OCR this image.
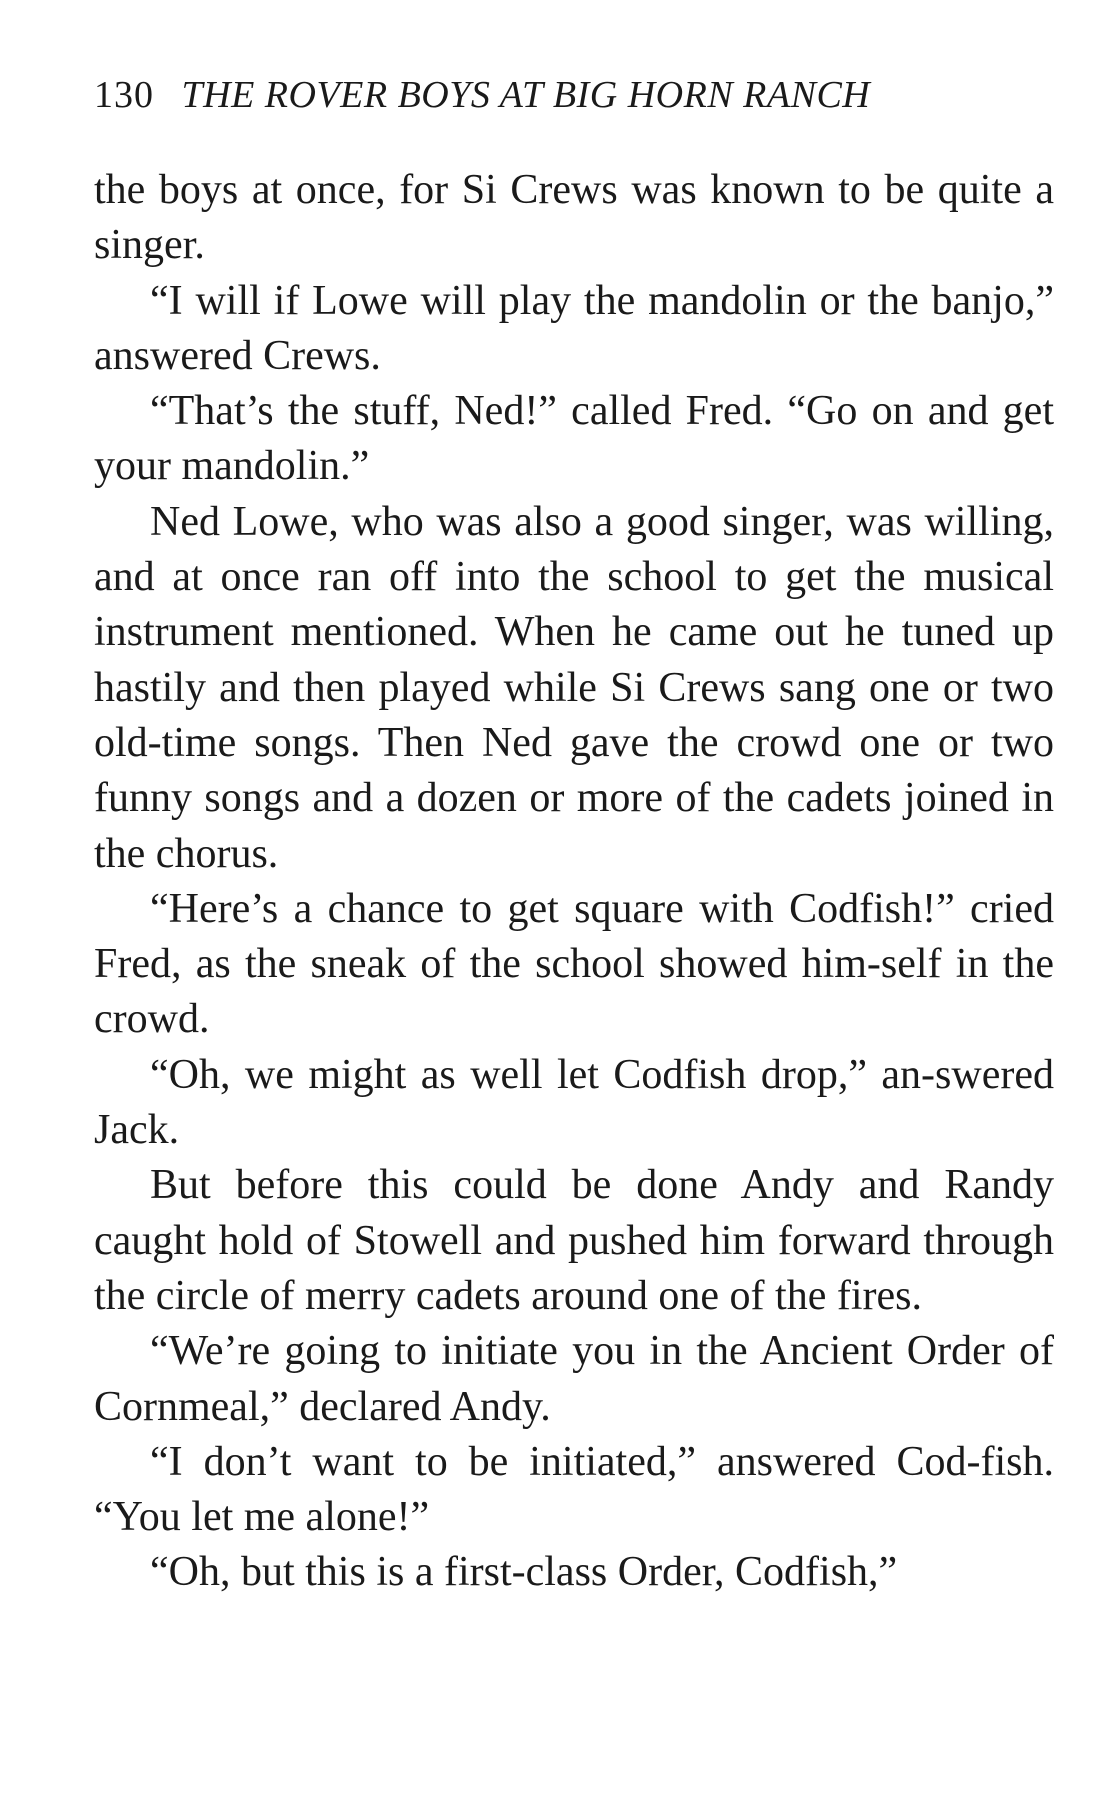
130 THE ROVER BOYS AT BIG HORN RANCH

the boys at once, for Si Crews was known to be quite a singer.

“I will if Lowe will play the mandolin or the banjo,” answered Crews.

“That’s the stuff, Ned!” called Fred. “Go on and get your mandolin.”

Ned Lowe, who was also a good singer, was willing, and at once ran off into the school to get the musical instrument mentioned. When he came out he tuned up hastily and then played while Si Crews sang one or two old-time songs. Then Ned gave the crowd one or two funny songs and a dozen or more of the cadets joined in the chorus.

“Here’s a chance to get square with Codfish!” cried Fred, as the sneak of the school showed him-self in the crowd.

“Oh, we might as well let Codfish drop,” an-swered Jack.

But before this could be done Andy and Randy caught hold of Stowell and pushed him forward through the circle of merry cadets around one of the fires.

“We’re going to initiate you in the Ancient Order of Cornmeal,” declared Andy.

“I don’t want to be initiated,” answered Cod-fish. “You let me alone!”

“Oh, but this is a first-class Order, Codfish,”
